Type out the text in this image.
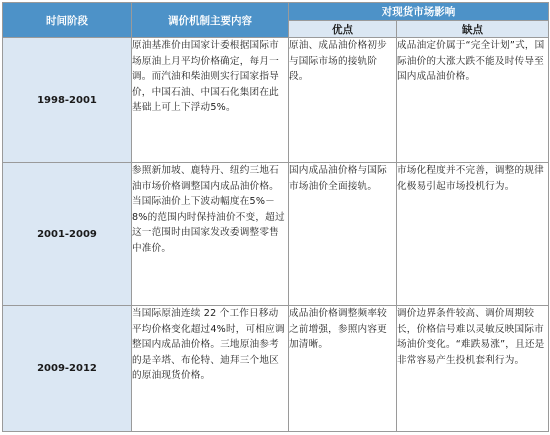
时间阶段	调价机制主要内容	对现货市场影响	
		优点	缺点
1998-2001	原油基准价由国家计委根据国际市场原油上月平均价格确定，每月一调。而汽油和柴油则实行国家指导价，中国石油、中国石化集团在此基础上可上下浮动5%。	原油、成品油价格初步与国际市场的接轨阶段。	成品油定价属于“完全计划”式，国际油价的大涨大跌不能及时传导至国内成品油价格。

2001-2009	参照新加坡、鹿特丹、纽约三地石油市场价格调整国内成品油价格。当国际油价上下波动幅度在5%－8%的范围内时保持油价不变，超过这一范围时由国家发改委调整零售中准价。	国内成品油价格与国际市场油价全面接轨。	市场化程度并不完善，调整的规律化极易引起市场投机行为。

2009-2012	当国际原油连续 22 个工作日移动平均价格变化超过4%时，可相应调整国内成品油价格。三地原油参考的是辛塔、布伦特、迪拜三个地区的原油现货价格。	成品油价格调整频率较之前增强，参照内容更加清晰。	调价边界条件较高、调价周期较长，价格信号难以灵敏反映国际市场油价变化。“难跌易涨”，且还是非常容易产生投机套利行为。
